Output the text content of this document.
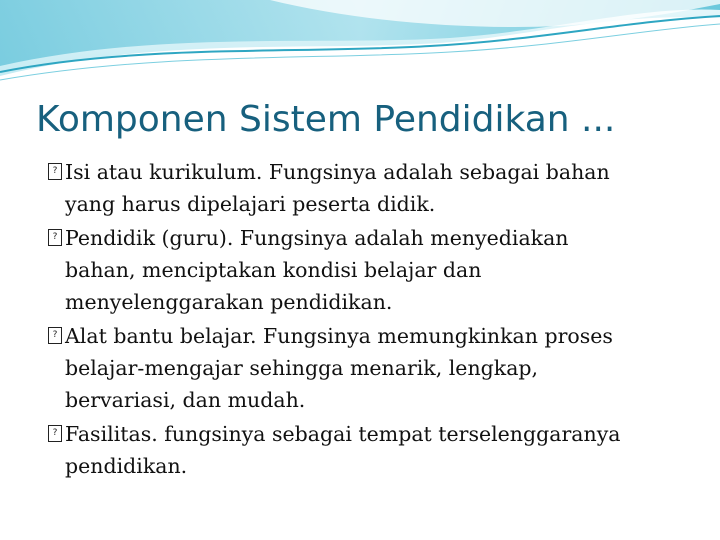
Komponen Sistem Pendidikan ...
?
Isi atau kurikulum. Fungsinya adalah sebagai bahan
yang harus dipelajari peserta didik.
?
Pendidik (guru). Fungsinya adalah menyediakan
bahan, menciptakan kondisi belajar dan
menyelenggarakan pendidikan.
?
Alat bantu belajar. Fungsinya memungkinkan proses
belajar-mengajar sehingga menarik, lengkap,
bervariasi, dan mudah.
?
Fasilitas. fungsinya sebagai tempat terselenggaranya
pendidikan.
